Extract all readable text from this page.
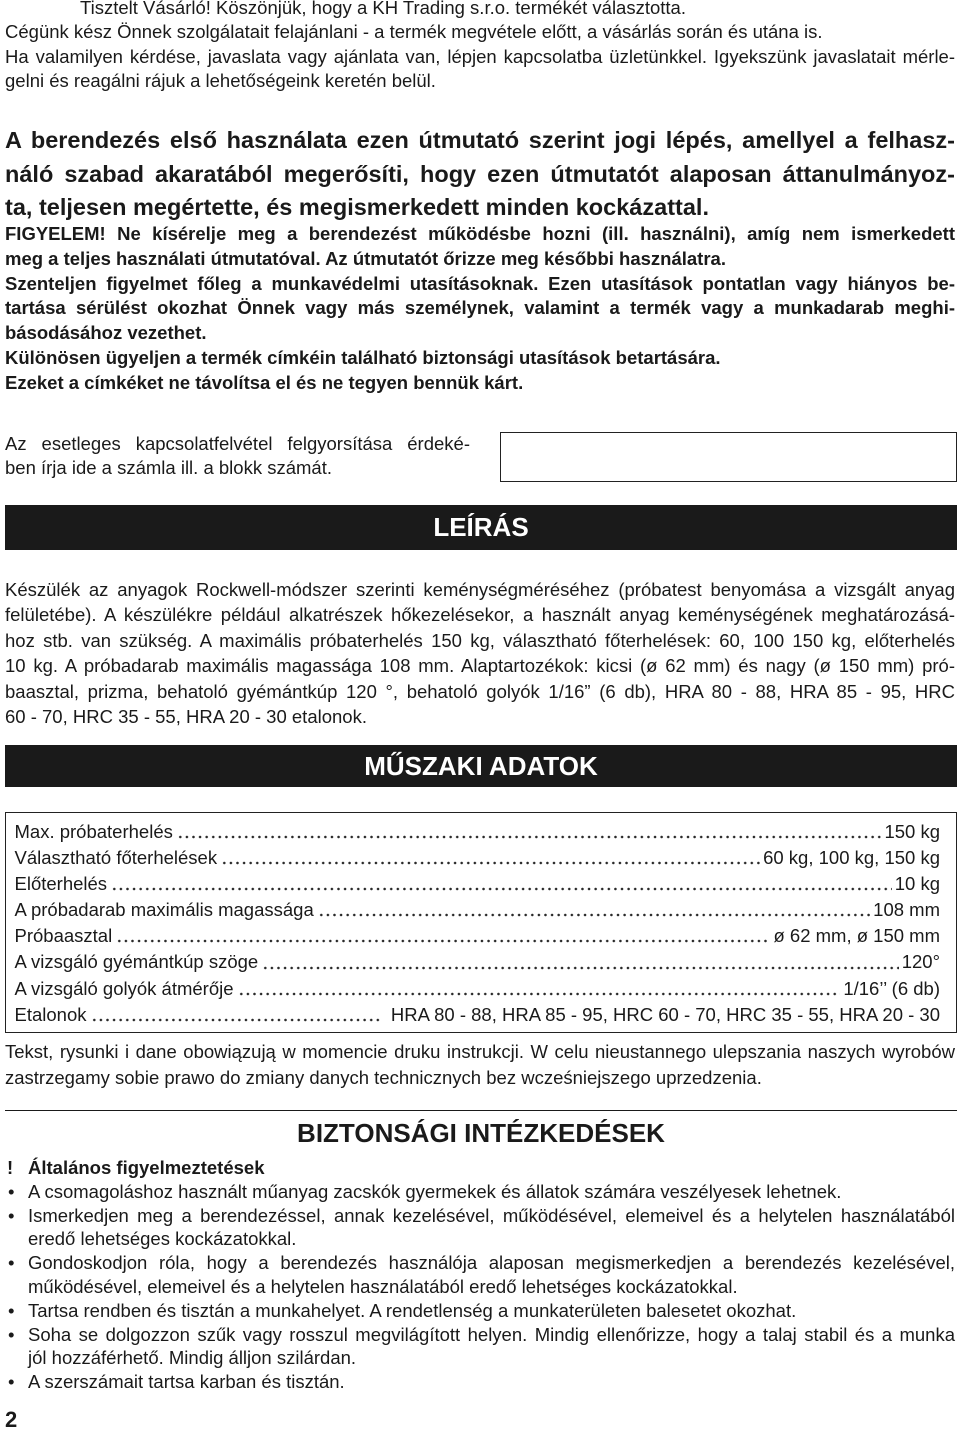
Tisztelt Vásárló! Köszönjük, hogy a KH Trading s.r.o. termékét választotta.
Cégünk kész Önnek szolgálatait felajánlani - a termék megvétele előtt, a vásárlás során és utána is.
Ha valamilyen kérdése, javaslata vagy ajánlata van, lépjen kapcsolatba üzletünkkel. Igyekszünk javaslatait mérle-
gelni és reagálni rájuk a lehetőségeink keretén belül.
A berendezés első használata ezen útmutató szerint jogi lépés, amellyel a felhasz-
náló szabad akaratából megerősíti, hogy ezen útmutatót alaposan áttanulmányoz-
ta, teljesen megértette, és megismerkedett minden kockázattal.
FIGYELEM! Ne kísérelje meg a berendezést működésbe hozni (ill. használni), amíg nem ismerkedett
meg a teljes használati útmutatóval. Az útmutatót őrizze meg későbbi használatra.
Szenteljen figyelmet főleg a munkavédelmi utasításoknak. Ezen utasítások pontatlan vagy hiányos be-
tartása sérülést okozhat Önnek vagy más személynek, valamint a termék vagy a munkadarab meghi-
básodásához vezethet.
Különösen ügyeljen a termék címkéin található biztonsági utasítások betartására.
Ezeket a címkéket ne távolítsa el és ne tegyen bennük kárt.
Az esetleges kapcsolatfelvétel felgyorsítása érdeké-
ben írja ide a számla ill. a blokk számát.
LEÍRÁS
Készülék az anyagok Rockwell-módszer szerinti keménységméréséhez (próbatest benyomása a vizsgált anyag
felületébe). A készülékre például alkatrészek hőkezelésekor, a használt anyag keménységének meghatározásá-
hoz stb. van szükség. A maximális próbaterhelés 150 kg, választható főterhelések: 60, 100 150 kg, előterhelés
10 kg. A próbadarab maximális magassága 108 mm. Alaptartozékok: kicsi (ø 62 mm) és nagy (ø 150 mm) pró-
baasztal, prizma, behatoló gyémántkúp 120 °, behatoló golyók 1/16” (6 db), HRA 80 - 88, HRA 85 - 95, HRC
60 - 70, HRC 35 - 55, HRA 20 - 30 etalonok.
MŰSZAKI ADATOK
Max. próbaterhelés	150 kg
Választható főterhelések	60 kg, 100 kg, 150 kg
Előterhelés	10 kg
A próbadarab maximális magassága	108 mm
Próbaasztal	ø 62 mm, ø 150 mm
A vizsgáló gyémántkúp szöge	120°
A vizsgáló golyók átmérője	1/16’’ (6 db)
Etalonok	HRA 80 - 88, HRA 85 - 95, HRC 60 - 70, HRC 35 - 55, HRA 20 - 30
Tekst, rysunki i dane obowiązują w momencie druku instrukcji. W celu nieustannego ulepszania naszych wyrobów
zastrzegamy sobie prawo do zmiany danych technicznych bez wcześniejszego uprzedzenia.
BIZTONSÁGI INTÉZKEDÉSEK
! Általános figyelmeztetések
• A csomagoláshoz használt műanyag zacskók gyermekek és állatok számára veszélyesek lehetnek.
• Ismerkedjen meg a berendezéssel, annak kezelésével, működésével, elemeivel és a helytelen használatából
eredő lehetséges kockázatokkal.
• Gondoskodjon róla, hogy a berendezés használója alaposan megismerkedjen a berendezés kezelésével,
működésével, elemeivel és a helytelen használatából eredő lehetséges kockázatokkal.
• Tartsa rendben és tisztán a munkahelyet. A rendetlenség a munkaterületen balesetet okozhat.
• Soha se dolgozzon szűk vagy rosszul megvilágított helyen. Mindig ellenőrizze, hogy a talaj stabil és a munka
jól hozzáférhető. Mindig álljon szilárdan.
• A szerszámait tartsa karban és tisztán.
2
